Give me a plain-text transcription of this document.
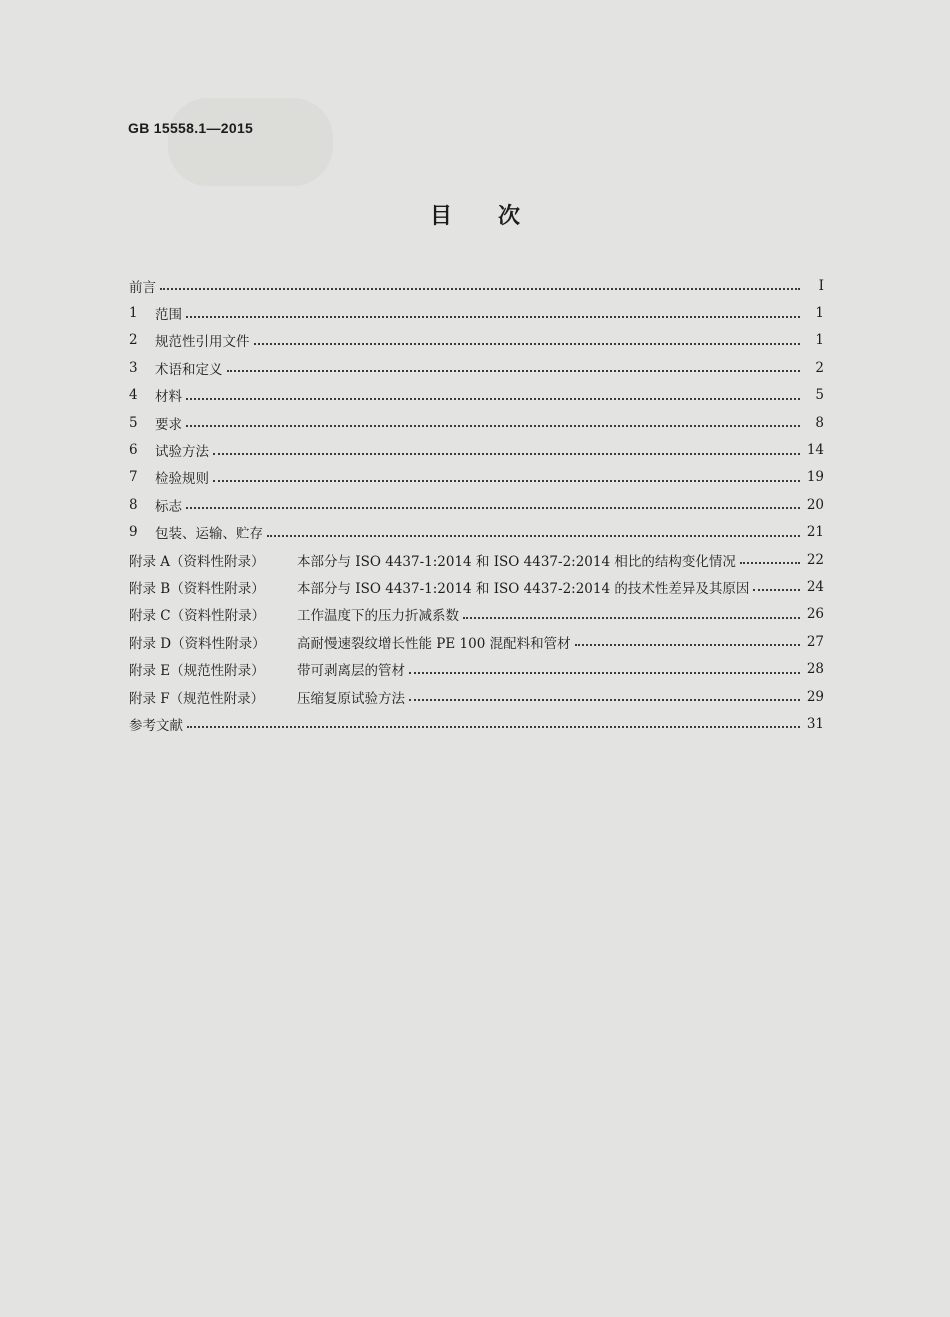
GB 15558.1—2015
目 次
前言	Ⅰ
1	范围	1
2	规范性引用文件	1
3	术语和定义	2
4	材料	5
5	要求	8
6	试验方法	14
7	检验规则	19
8	标志	20
9	包装、运输、贮存	21
附录 A（资料性附录） 本部分与 ISO 4437-1:2014 和 ISO 4437-2:2014 相比的结构变化情况	22
附录 B（资料性附录） 本部分与 ISO 4437-1:2014 和 ISO 4437-2:2014 的技术性差异及其原因	24
附录 C（资料性附录） 工作温度下的压力折减系数	26
附录 D（资料性附录） 高耐慢速裂纹增长性能 PE 100 混配料和管材	27
附录 E（规范性附录） 带可剥离层的管材	28
附录 F（规范性附录） 压缩复原试验方法	29
参考文献	31
